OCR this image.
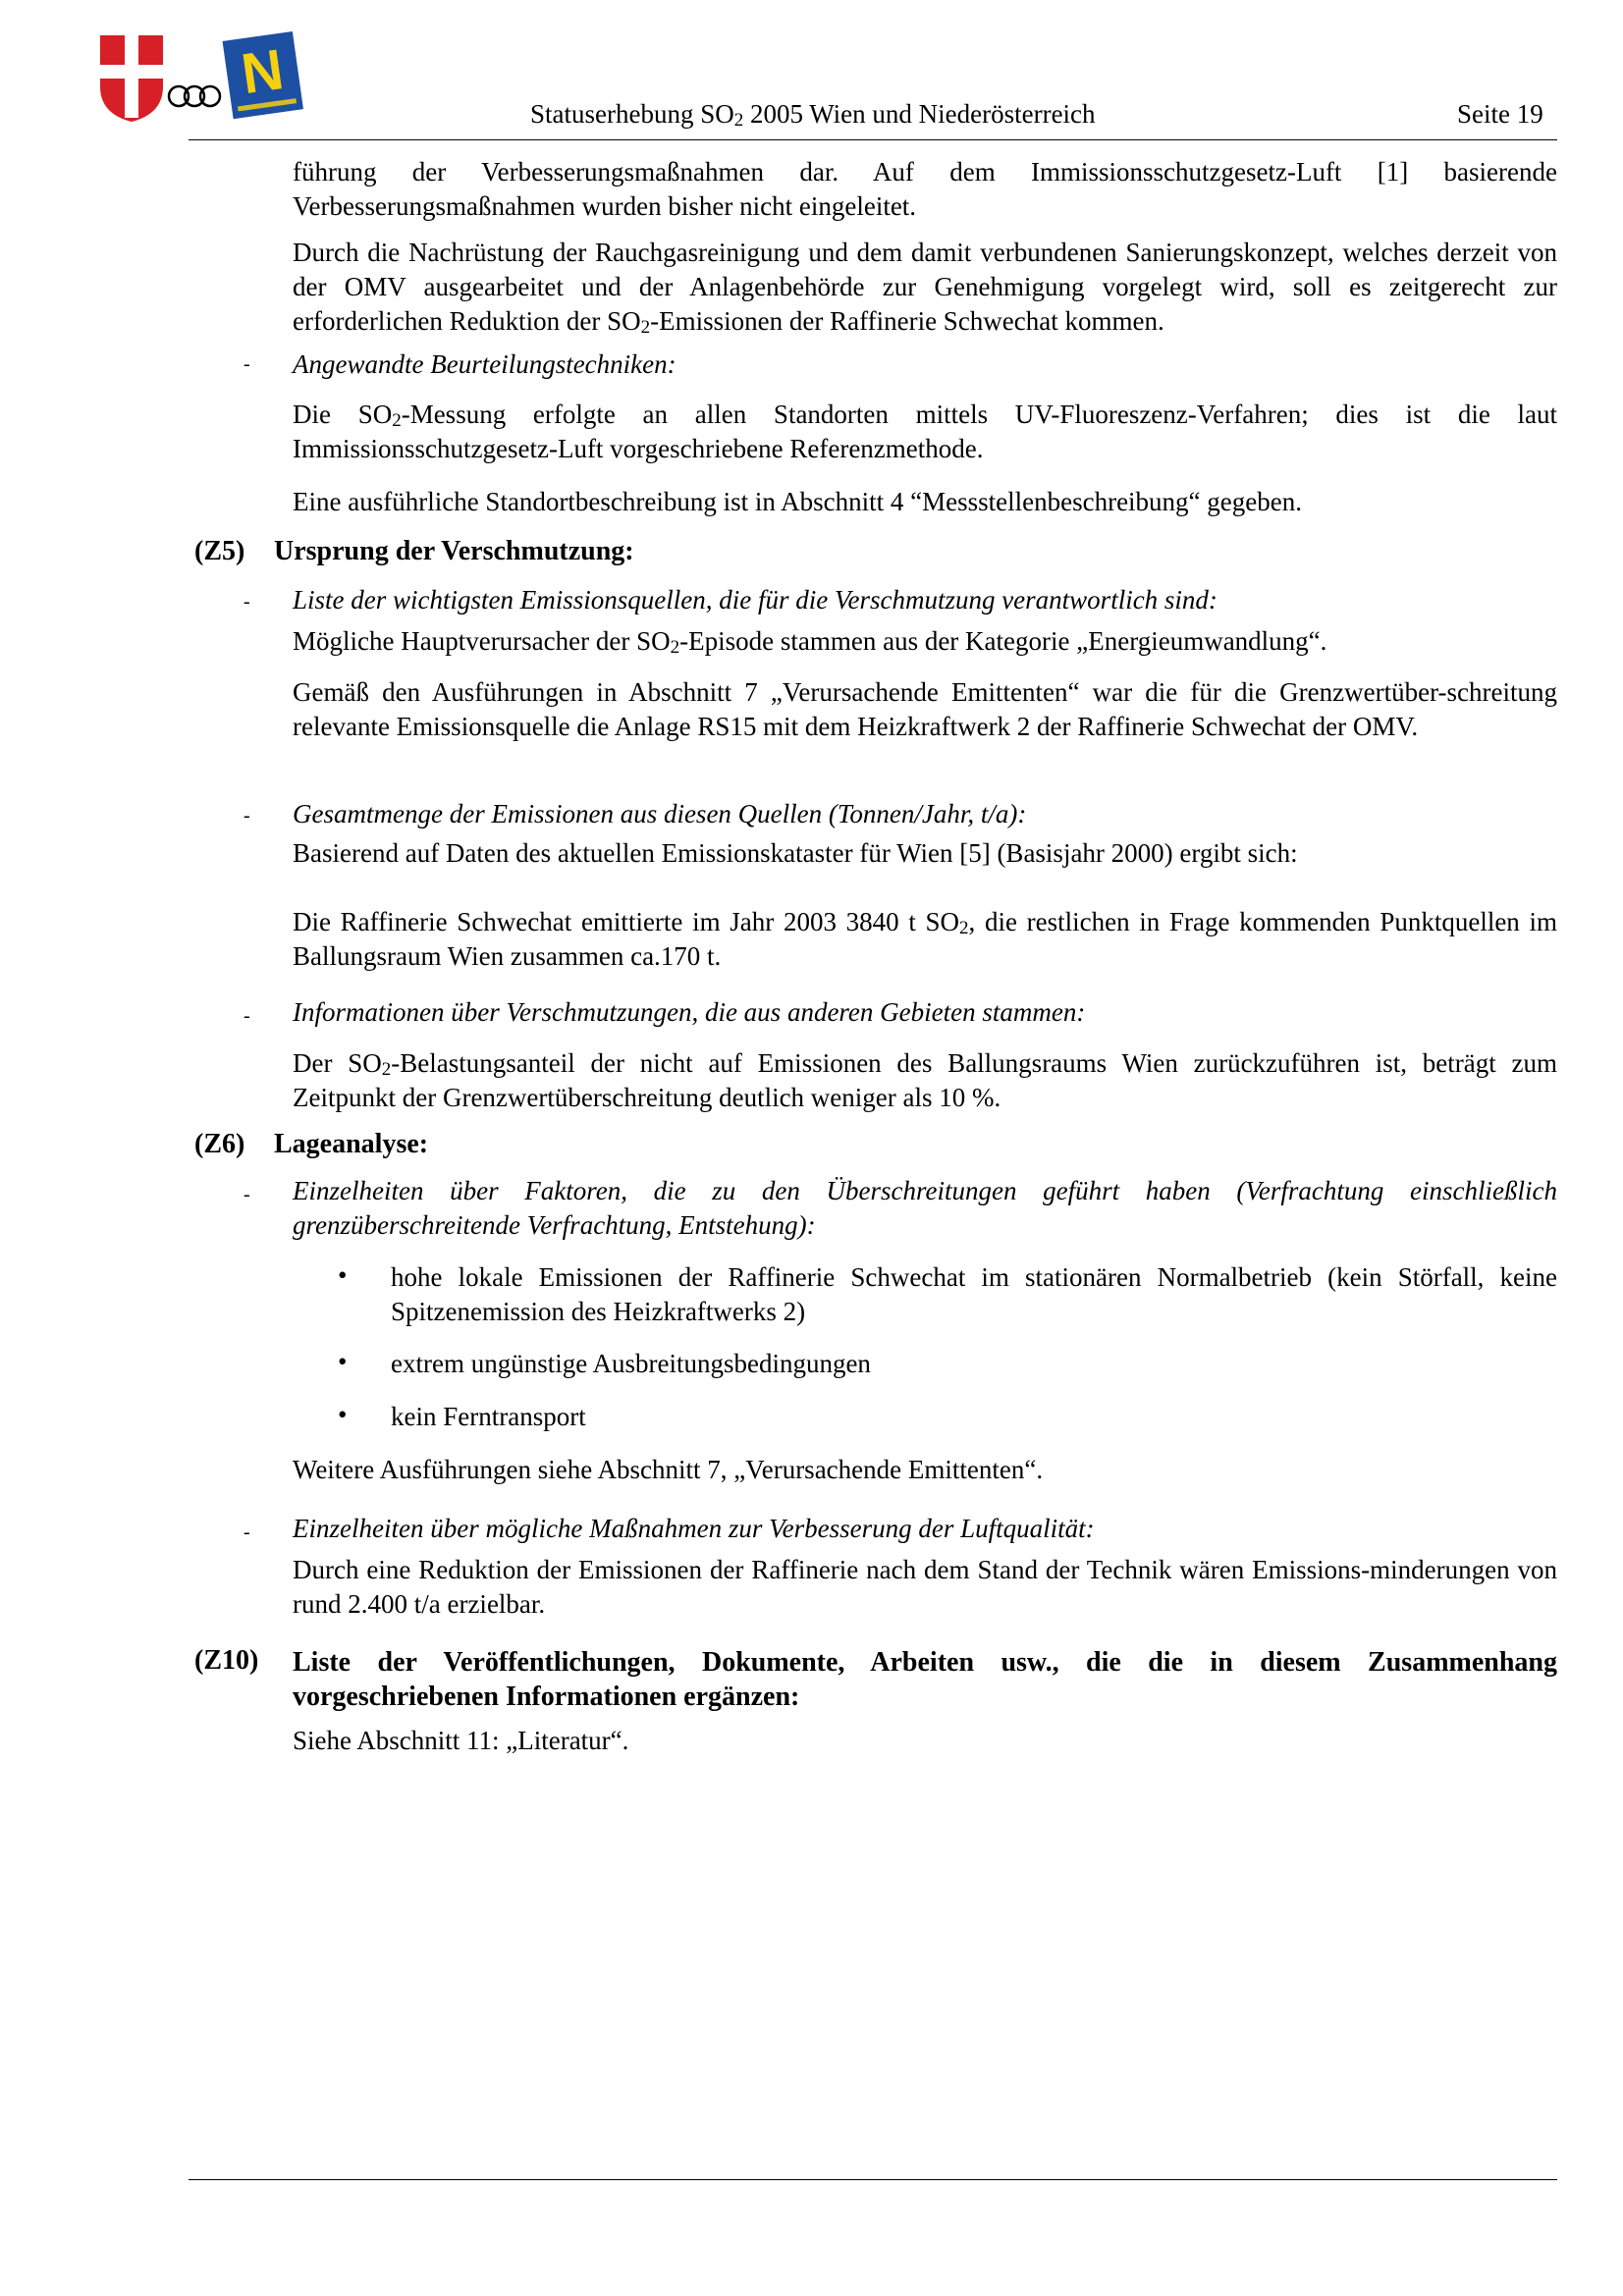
N
Statuserhebung $SO_2$ 2005 Wien und Niederösterreich	Seite 19
führung der Verbesserungsmaßnahmen dar. Auf dem Immissionsschutzgesetz-Luft [1] basierende Verbesserungsmaßnahmen wurden bisher nicht eingeleitet.
Durch die Nachrüstung der Rauchgasreinigung und dem damit verbundenen Sanierungskonzept, welches derzeit von der OMV ausgearbeitet und der Anlagenbehörde zur Genehmigung vorgelegt wird, soll es zeitgerecht zur erforderlichen Reduktion der $SO_2$-Emissionen der Raffinerie Schwechat kommen.
- Angewandte Beurteilungstechniken:
Die $SO_2$-Messung erfolgte an allen Standorten mittels UV-Fluoreszenz-Verfahren; dies ist die laut Immissionsschutzgesetz-Luft vorgeschriebene Referenzmethode.
Eine ausführliche Standortbeschreibung ist in Abschnitt 4 “Messstellenbeschreibung“ gegeben.
(Z5) Ursprung der Verschmutzung:
- Liste der wichtigsten Emissionsquellen, die für die Verschmutzung verantwortlich sind:
Mögliche Hauptverursacher der $SO_2$-Episode stammen aus der Kategorie „Energieumwandlung“.
Gemäß den Ausführungen in Abschnitt 7 „Verursachende Emittenten“ war die für die Grenzwertüber-schreitung relevante Emissionsquelle die Anlage RS15 mit dem Heizkraftwerk 2 der Raffinerie Schwechat der OMV.
- Gesamtmenge der Emissionen aus diesen Quellen (Tonnen/Jahr, t/a):
Basierend auf Daten des aktuellen Emissionskataster für Wien [5] (Basisjahr 2000) ergibt sich:
Die Raffinerie Schwechat emittierte im Jahr 2003 3840 t $SO_2$, die restlichen in Frage kommenden Punktquellen im Ballungsraum Wien zusammen ca.170 t.
- Informationen über Verschmutzungen, die aus anderen Gebieten stammen:
Der $SO_2$-Belastungsanteil der nicht auf Emissionen des Ballungsraums Wien zurückzuführen ist, beträgt zum Zeitpunkt der Grenzwertüberschreitung deutlich weniger als 10 %.
(Z6) Lageanalyse:
- Einzelheiten über Faktoren, die zu den Überschreitungen geführt haben (Verfrachtung einschließlich grenzüberschreitende Verfrachtung, Entstehung):
• hohe lokale Emissionen der Raffinerie Schwechat im stationären Normalbetrieb (kein Störfall, keine Spitzenemission des Heizkraftwerks 2)
• extrem ungünstige Ausbreitungsbedingungen
• kein Ferntransport
Weitere Ausführungen siehe Abschnitt 7, „Verursachende Emittenten“.
- Einzelheiten über mögliche Maßnahmen zur Verbesserung der Luftqualität:
Durch eine Reduktion der Emissionen der Raffinerie nach dem Stand der Technik wären Emissions-minderungen von rund 2.400 t/a erzielbar.
(Z10) Liste der Veröffentlichungen, Dokumente, Arbeiten usw., die die in diesem Zusammenhang vorgeschriebenen Informationen ergänzen:
Siehe Abschnitt 11: „Literatur“.
